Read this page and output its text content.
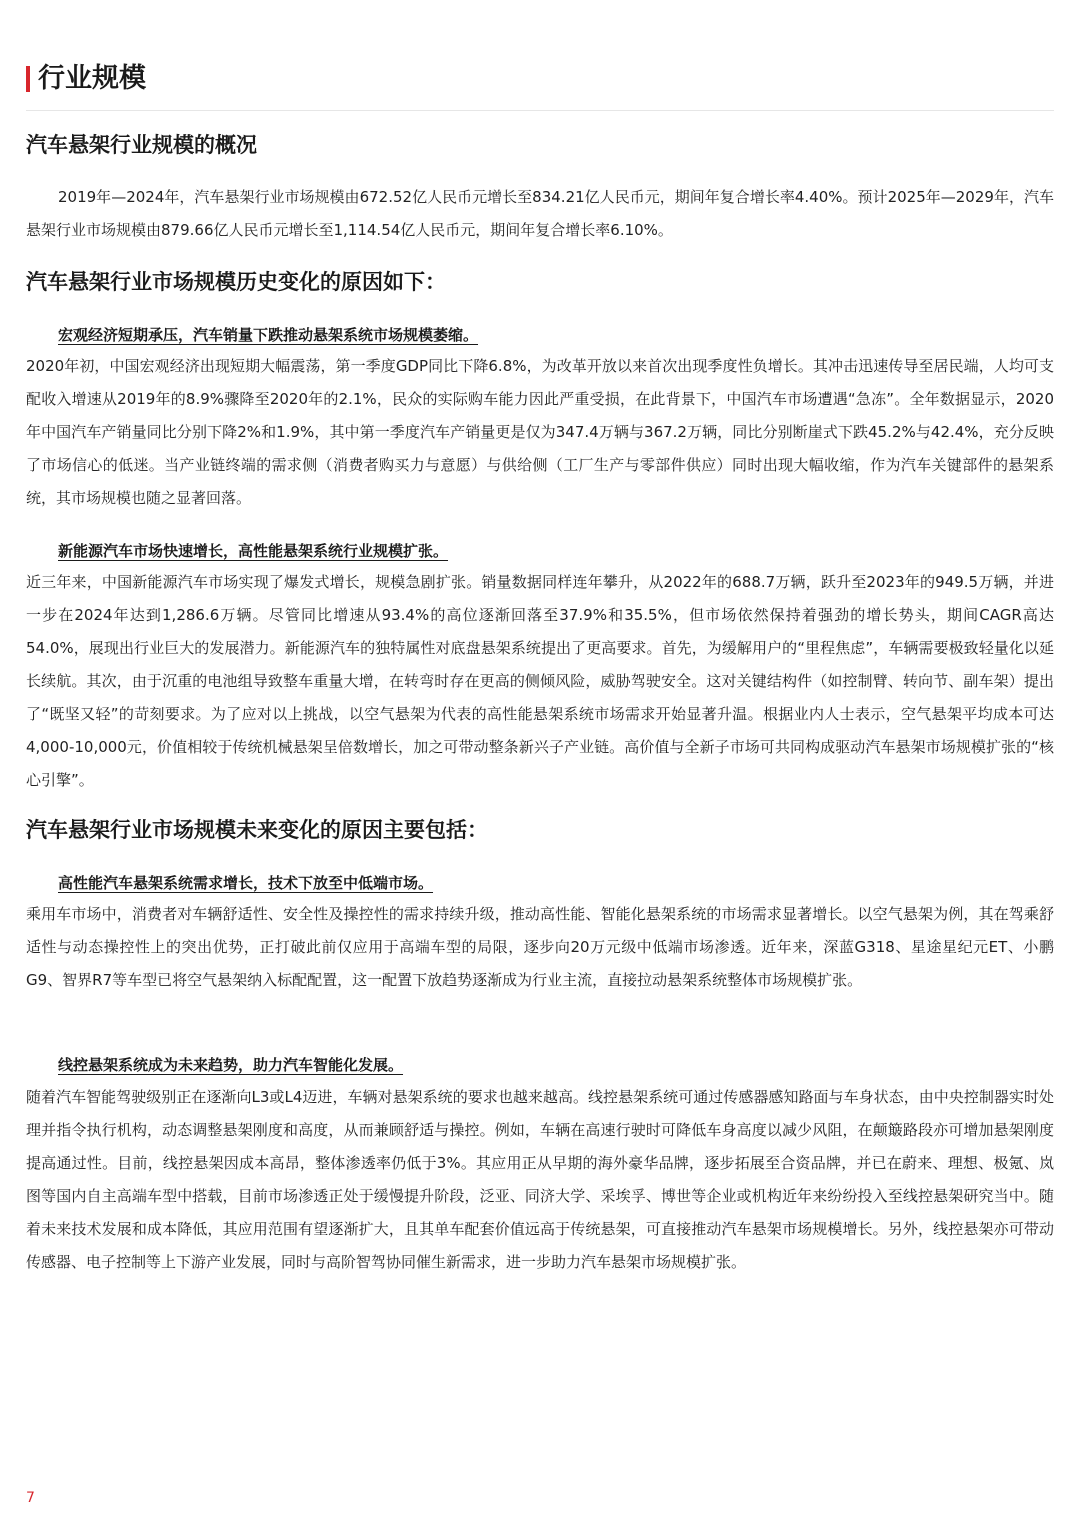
行业规模
汽车悬架行业规模的概况
2019年—2024年，汽车悬架行业市场规模由672.52亿人民币元增长至834.21亿人民币元，期间年复合增长率4.40%。预计2025年—2029年，汽车悬架行业市场规模由879.66亿人民币元增长至1,114.54亿人民币元，期间年复合增长率6.10%。
汽车悬架行业市场规模历史变化的原因如下：
宏观经济短期承压，汽车销量下跌推动悬架系统市场规模萎缩。
2020年初，中国宏观经济出现短期大幅震荡，第一季度GDP同比下降6.8%，为改革开放以来首次出现季度性负增长。其冲击迅速传导至居民端，人均可支配收入增速从2019年的8.9%骤降至2020年的2.1%，民众的实际购车能力因此严重受损，在此背景下，中国汽车市场遭遇“急冻”。全年数据显示，2020年中国汽车产销量同比分别下降2%和1.9%，其中第一季度汽车产销量更是仅为347.4万辆与367.2万辆，同比分别断崖式下跌45.2%与42.4%，充分反映了市场信心的低迷。当产业链终端的需求侧（消费者购买力与意愿）与供给侧（工厂生产与零部件供应）同时出现大幅收缩，作为汽车关键部件的悬架系统，其市场规模也随之显著回落。
新能源汽车市场快速增长，高性能悬架系统行业规模扩张。
近三年来，中国新能源汽车市场实现了爆发式增长，规模急剧扩张。销量数据同样连年攀升，从2022年的688.7万辆，跃升至2023年的949.5万辆，并进一步在2024年达到1,286.6万辆。尽管同比增速从93.4%的高位逐渐回落至37.9%和35.5%，但市场依然保持着强劲的增长势头，期间CAGR高达54.0%，展现出行业巨大的发展潜力。新能源汽车的独特属性对底盘悬架系统提出了更高要求。首先，为缓解用户的“里程焦虑”，车辆需要极致轻量化以延长续航。其次，由于沉重的电池组导致整车重量大增，在转弯时存在更高的侧倾风险，威胁驾驶安全。这对关键结构件（如控制臂、转向节、副车架）提出了“既坚又轻”的苛刻要求。为了应对以上挑战，以空气悬架为代表的高性能悬架系统市场需求开始显著升温。根据业内人士表示，空气悬架平均成本可达4,000-10,000元，价值相较于传统机械悬架呈倍数增长，加之可带动整条新兴子产业链。高价值与全新子市场可共同构成驱动汽车悬架市场规模扩张的“核心引擎”。
汽车悬架行业市场规模未来变化的原因主要包括：
高性能汽车悬架系统需求增长，技术下放至中低端市场。
乘用车市场中，消费者对车辆舒适性、安全性及操控性的需求持续升级，推动高性能、智能化悬架系统的市场需求显著增长。以空气悬架为例，其在驾乘舒适性与动态操控性上的突出优势，正打破此前仅应用于高端车型的局限，逐步向20万元级中低端市场渗透。近年来，深蓝G318、星途星纪元ET、小鹏G9、智界R7等车型已将空气悬架纳入标配配置，这一配置下放趋势逐渐成为行业主流，直接拉动悬架系统整体市场规模扩张。
线控悬架系统成为未来趋势，助力汽车智能化发展。
随着汽车智能驾驶级别正在逐渐向L3或L4迈进，车辆对悬架系统的要求也越来越高。线控悬架系统可通过传感器感知路面与车身状态，由中央控制器实时处理并指令执行机构，动态调整悬架刚度和高度，从而兼顾舒适与操控。例如，车辆在高速行驶时可降低车身高度以减少风阻，在颠簸路段亦可增加悬架刚度提高通过性。目前，线控悬架因成本高昂，整体渗透率仍低于3%。其应用正从早期的海外豪华品牌，逐步拓展至合资品牌，并已在蔚来、理想、极氪、岚图等国内自主高端车型中搭载，目前市场渗透正处于缓慢提升阶段，泛亚、同济大学、采埃孚、博世等企业或机构近年来纷纷投入至线控悬架研究当中。随着未来技术发展和成本降低，其应用范围有望逐渐扩大，且其单车配套价值远高于传统悬架，可直接推动汽车悬架市场规模增长。另外，线控悬架亦可带动传感器、电子控制等上下游产业发展，同时与高阶智驾协同催生新需求，进一步助力汽车悬架市场规模扩张。
7
